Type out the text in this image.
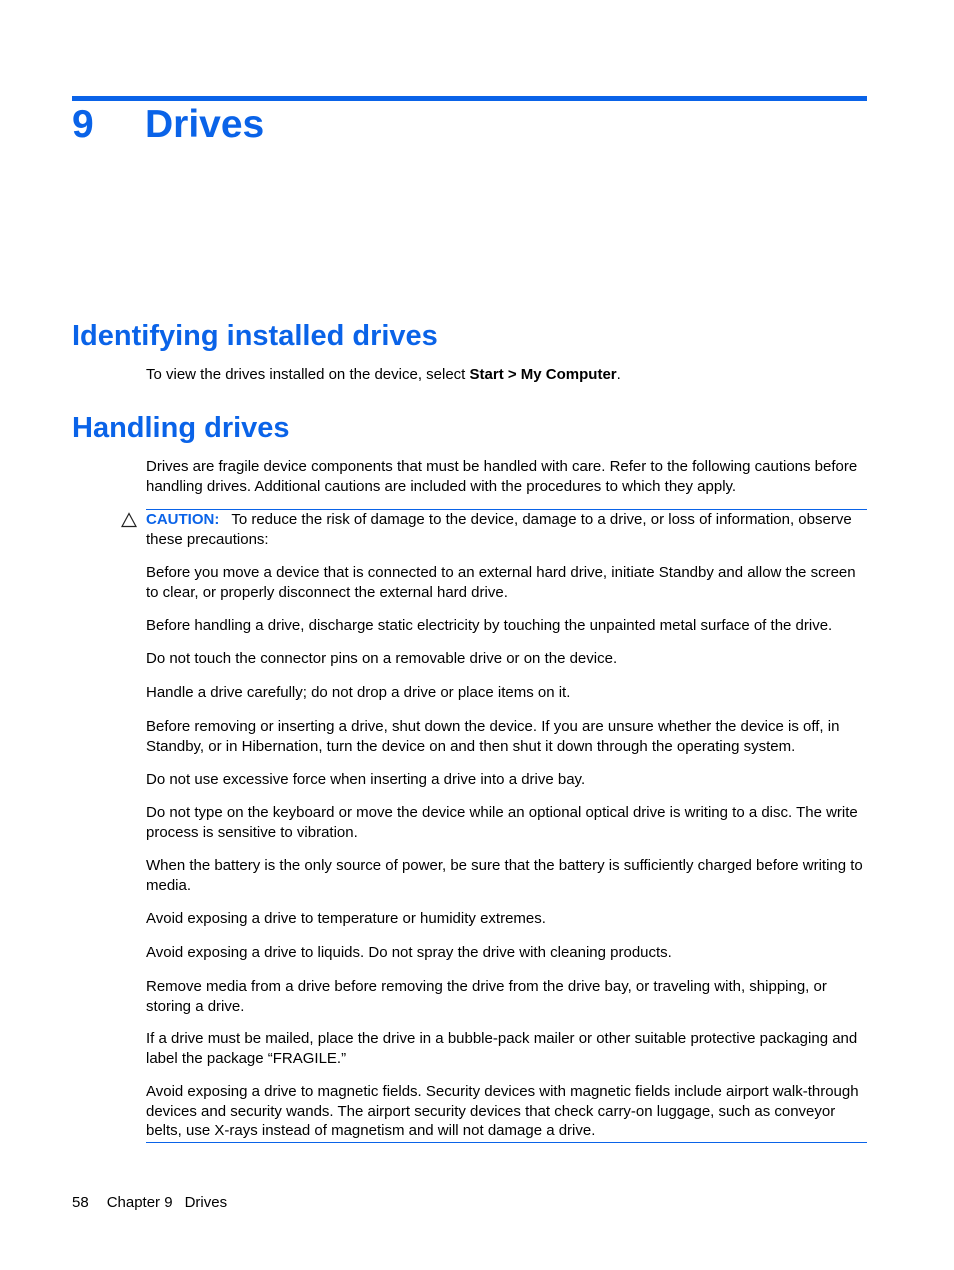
9 Drives
Identifying installed drives

To view the drives installed on the device, select Start > My Computer.

Handling drives

Drives are fragile device components that must be handled with care. Refer to the following cautions before handling drives. Additional cautions are included with the procedures to which they apply.

CAUTION: To reduce the risk of damage to the device, damage to a drive, or loss of information, observe these precautions:

Before you move a device that is connected to an external hard drive, initiate Standby and allow the screen to clear, or properly disconnect the external hard drive.

Before handling a drive, discharge static electricity by touching the unpainted metal surface of the drive.

Do not touch the connector pins on a removable drive or on the device.

Handle a drive carefully; do not drop a drive or place items on it.

Before removing or inserting a drive, shut down the device. If you are unsure whether the device is off, in Standby, or in Hibernation, turn the device on and then shut it down through the operating system.

Do not use excessive force when inserting a drive into a drive bay.

Do not type on the keyboard or move the device while an optional optical drive is writing to a disc. The write process is sensitive to vibration.

When the battery is the only source of power, be sure that the battery is sufficiently charged before writing to media.

Avoid exposing a drive to temperature or humidity extremes.

Avoid exposing a drive to liquids. Do not spray the drive with cleaning products.

Remove media from a drive before removing the drive from the drive bay, or traveling with, shipping, or storing a drive.

If a drive must be mailed, place the drive in a bubble-pack mailer or other suitable protective packaging and label the package “FRAGILE.”

Avoid exposing a drive to magnetic fields. Security devices with magnetic fields include airport walk-through devices and security wands. The airport security devices that check carry-on luggage, such as conveyor belts, use X-rays instead of magnetism and will not damage a drive.

58 Chapter 9 Drives
